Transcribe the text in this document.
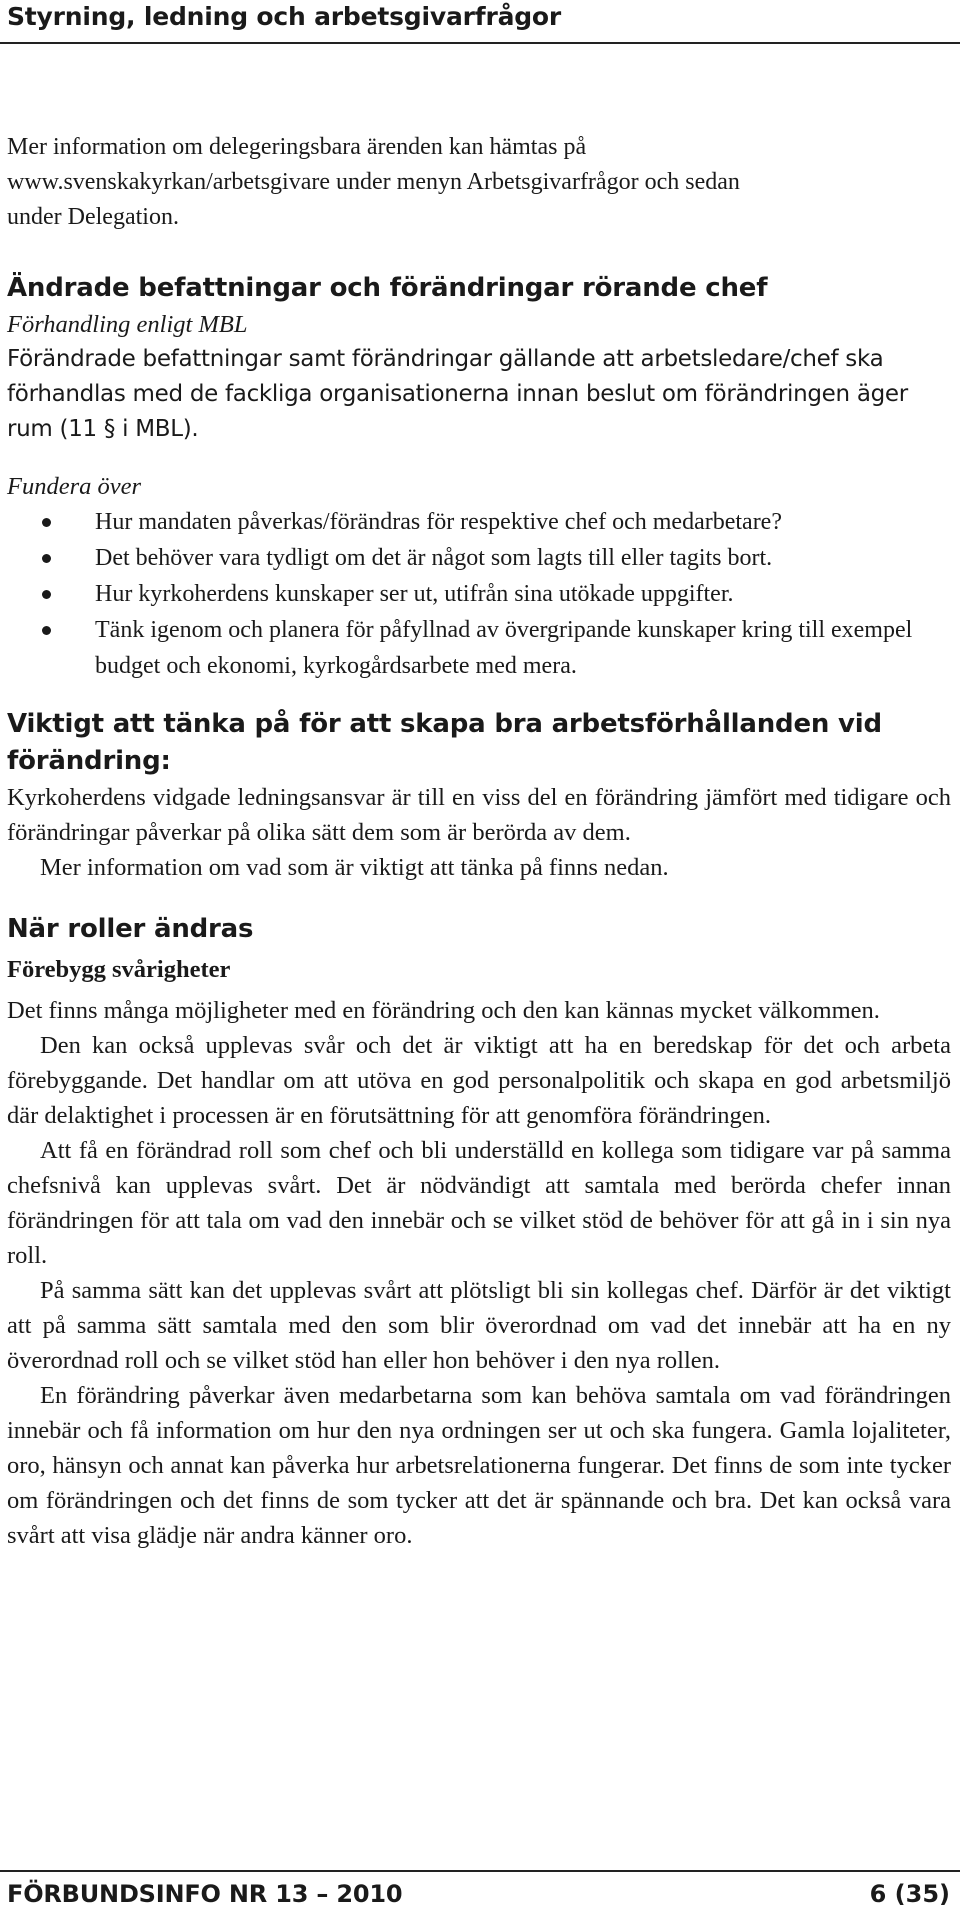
Styrning, ledning och arbetsgivarfrågor

Mer information om delegeringsbara ärenden kan hämtas på

www.svenskakyrkan/arbetsgivare under menyn Arbetsgivarfrågor och sedan

under Delegation.

Ändrade befattningar och förändringar rörande chef

Förhandling enligt MBL

Förändrade befattningar samt förändringar gällande att arbetsledare/chef ska förhandlas med de fackliga organisationerna innan beslut om förändringen äger rum (11 § i MBL).

Fundera över

Hur mandaten påverkas/förändras för respektive chef och medarbetare?
Det behöver vara tydligt om det är något som lagts till eller tagits bort.
Hur kyrkoherdens kunskaper ser ut, utifrån sina utökade uppgifter.
Tänk igenom och planera för påfyllnad av övergripande kunskaper kring till exempel budget och ekonomi, kyrkogårdsarbete med mera.
Viktigt att tänka på för att skapa bra arbetsförhållanden vid förändring:

Kyrkoherdens vidgade ledningsansvar är till en viss del en förändring jämfört med tidigare och förändringar påverkar på olika sätt dem som är berörda av dem.

Mer information om vad som är viktigt att tänka på finns nedan.

När roller ändras

Förebygg svårigheter

Det finns många möjligheter med en förändring och den kan kännas mycket välkommen.

Den kan också upplevas svår och det är viktigt att ha en beredskap för det och arbeta förebyggande. Det handlar om att utöva en god personalpolitik och skapa en god arbetsmiljö där delaktighet i processen är en förutsättning för att genomföra förändringen.

Att få en förändrad roll som chef och bli underställd en kollega som tidigare var på samma chefsnivå kan upplevas svårt. Det är nödvändigt att samtala med berörda chefer innan förändringen för att tala om vad den innebär och se vilket stöd de behöver för att gå in i sin nya roll.

På samma sätt kan det upplevas svårt att plötsligt bli sin kollegas chef. Därför är det viktigt att på samma sätt samtala med den som blir överordnad om vad det innebär att ha en ny överordnad roll och se vilket stöd han eller hon behöver i den nya rollen.

En förändring påverkar även medarbetarna som kan behöva samtala om vad förändringen innebär och få information om hur den nya ordningen ser ut och ska fungera. Gamla lojaliteter, oro, hänsyn och annat kan påverka hur arbetsrelationerna fungerar. Det finns de som inte tycker om förändringen och det finns de som tycker att det är spännande och bra. Det kan också vara svårt att visa glädje när andra känner oro.

FÖRBUNDSINFO NR 13 – 2010	6 (35)
